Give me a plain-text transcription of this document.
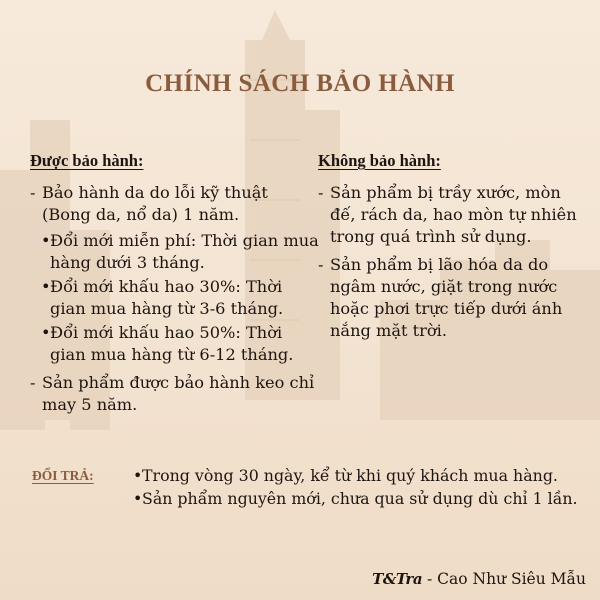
CHÍNH SÁCH BẢO HÀNH
Được bảo hành:
- Bảo hành da do lỗi kỹ thuật (Bong da, nổ da) 1 năm.
• Đổi mới miễn phí: Thời gian mua hàng dưới 3 tháng.
• Đổi mới khấu hao 30%: Thời gian mua hàng từ 3-6 tháng.
• Đổi mới khấu hao 50%: Thời gian mua hàng từ 6-12 tháng.
- Sản phẩm được bảo hành keo chỉ may 5 năm.
Không bảo hành:
- Sản phẩm bị trầy xước, mòn đế, rách da, hao mòn tự nhiên trong quá trình sử dụng.
- Sản phẩm bị lão hóa da do ngâm nước, giặt trong nước hoặc phơi trực tiếp dưới ánh nắng mặt trời.
ĐỔI TRẢ: • Trong vòng 30 ngày, kể từ khi quý khách mua hàng.
• Sản phẩm nguyên mới, chưa qua sử dụng dù chỉ 1 lần.
T&Tra - Cao Như Siêu Mẫu
